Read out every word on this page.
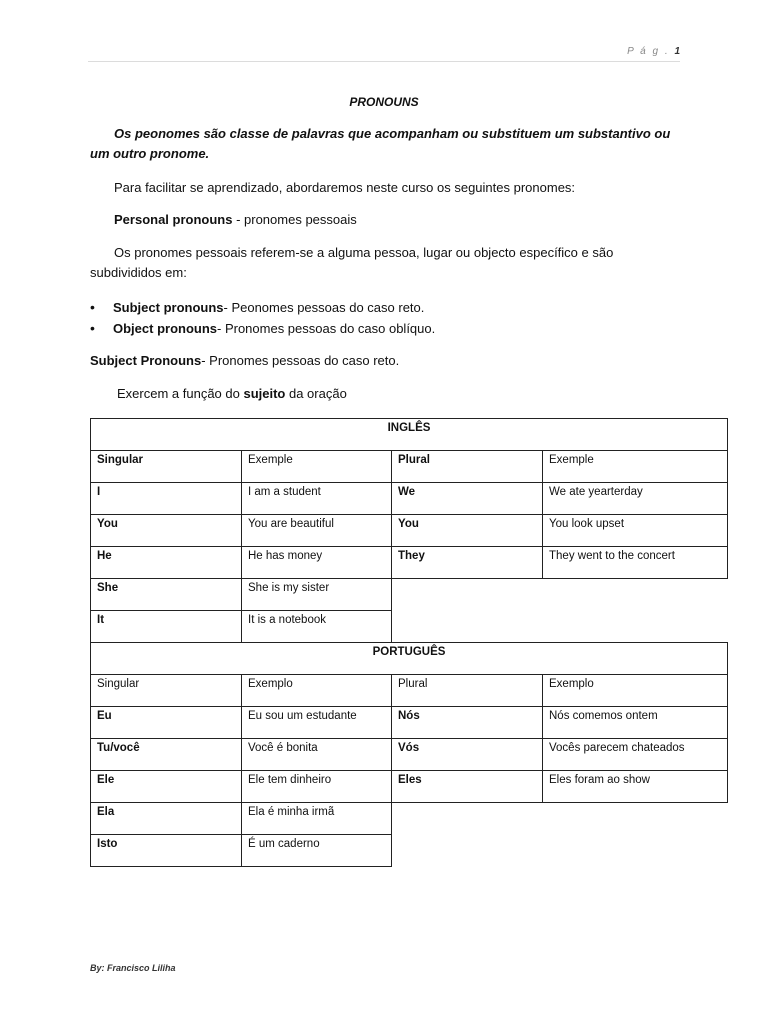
P á g . 1
PRONOUNS

Os peonomes são classe de palavras que acompanham ou substituem um substantivo ou um outro pronome.

Para facilitar se aprendizado, abordaremos neste curso os seguintes pronomes:

Personal pronouns - pronomes pessoais

Os pronomes pessoais referem-se a alguma pessoa, lugar ou objecto específico e são subdivididos em:

• Subject pronouns- Peonomes pessoas do caso reto.
• Object pronouns- Pronomes pessoas do caso oblíquo.

Subject Pronouns- Pronomes pessoas do caso reto.

Exercem a função do sujeito da oração

INGLÊS			
Singular	Exemple	Plural	Exemple
I	I am a student	We	We ate yearterday
You	You are beautiful	You	You look upset
He	He has money	They	They went to the concert
She	She is my sister		
It	It is a notebook		
PORTUGUÊS			
Singular	Exemplo	Plural	Exemplo
Eu	Eu sou um estudante	Nós	Nós comemos ontem
Tu/você	Você é bonita	Vós	Vocês parecem chateados
Ele	Ele tem dinheiro	Eles	Eles foram ao show
Ela	Ela é minha irmã		
Isto	É um caderno		
By: Francisco Liliha
